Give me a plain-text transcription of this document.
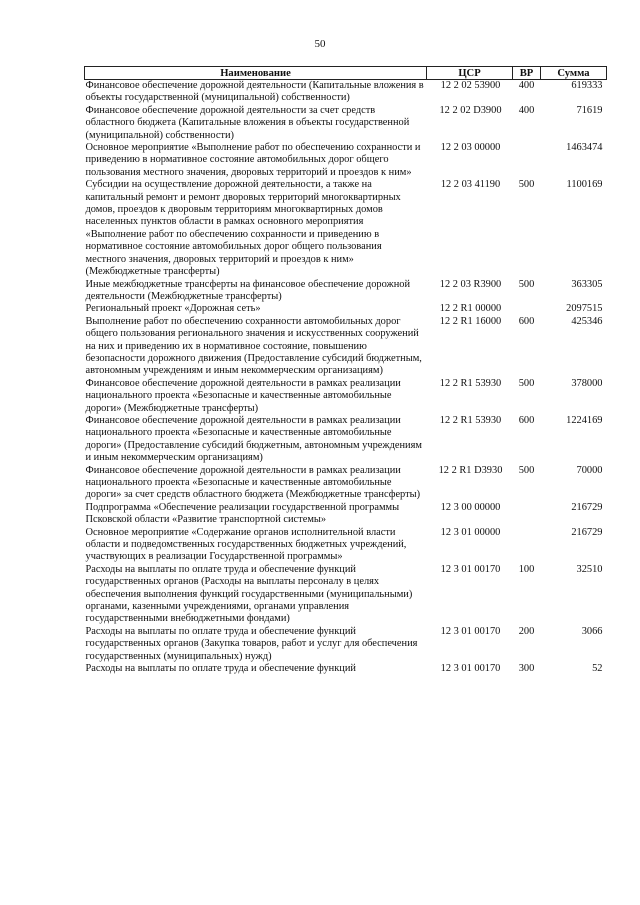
50
Наименование	ЦСР	ВР	Сумма
Финансовое обеспечение дорожной деятельности (Капитальные вложения в объекты государственной (муниципальной) собственности)	12 2 02 53900	400	619333
Финансовое обеспечение дорожной деятельности за счет средств областного бюджета (Капитальные вложения в объекты государственной (муниципальной) собственности)	12 2 02 D3900	400	71619
Основное мероприятие «Выполнение работ по обеспечению сохранности и приведению в нормативное состояние автомобильных дорог общего пользования местного значения, дворовых территорий и проездов к ним»	12 2 03 00000		1463474
Субсидии на осуществление дорожной деятельности, а также на капитальный ремонт и ремонт дворовых территорий многоквартирных домов, проездов к дворовым территориям многоквартирных домов населенных пунктов области в рамках основного мероприятия «Выполнение работ по обеспечению сохранности и приведению в нормативное состояние автомобильных дорог общего пользования местного значения, дворовых территорий и проездов к ним» (Межбюджетные трансферты)	12 2 03 41190	500	1100169
Иные межбюджетные трансферты на финансовое обеспечение дорожной деятельности (Межбюджетные трансферты)	12 2 03 R3900	500	363305
Региональный проект «Дорожная сеть»	12 2 R1 00000		2097515
Выполнение работ по обеспечению сохранности автомобильных дорог общего пользования регионального значения и искусственных сооружений на них и приведению их в нормативное состояние, повышению безопасности дорожного движения (Предоставление субсидий бюджетным, автономным учреждениям и иным некоммерческим организациям)	12 2 R1 16000	600	425346
Финансовое обеспечение дорожной деятельности в рамках реализации национального проекта «Безопасные и качественные автомобильные дороги» (Межбюджетные трансферты)	12 2 R1 53930	500	378000
Финансовое обеспечение дорожной деятельности в рамках реализации национального проекта «Безопасные и качественные автомобильные дороги» (Предоставление субсидий бюджетным, автономным учреждениям и иным некоммерческим организациям)	12 2 R1 53930	600	1224169
Финансовое обеспечение дорожной деятельности в рамках реализации национального проекта «Безопасные и качественные автомобильные дороги» за счет средств областного бюджета (Межбюджетные трансферты)	12 2 R1 D3930	500	70000
Подпрограмма «Обеспечение реализации государственной программы Псковской области «Развитие транспортной системы»	12 3 00 00000		216729
Основное мероприятие «Содержание органов исполнительной власти области и подведомственных государственных бюджетных учреждений, участвующих в реализации Государственной программы»	12 3 01 00000		216729
Расходы на выплаты по оплате труда и обеспечение функций государственных органов (Расходы на выплаты персоналу в целях обеспечения выполнения функций государственными (муниципальными) органами, казенными учреждениями, органами управления государственными внебюджетными фондами)	12 3 01 00170	100	32510
Расходы на выплаты по оплате труда и обеспечение функций государственных органов (Закупка товаров, работ и услуг для обеспечения государственных (муниципальных) нужд)	12 3 01 00170	200	3066
Расходы на выплаты по оплате труда и обеспечение функций	12 3 01 00170	300	52
